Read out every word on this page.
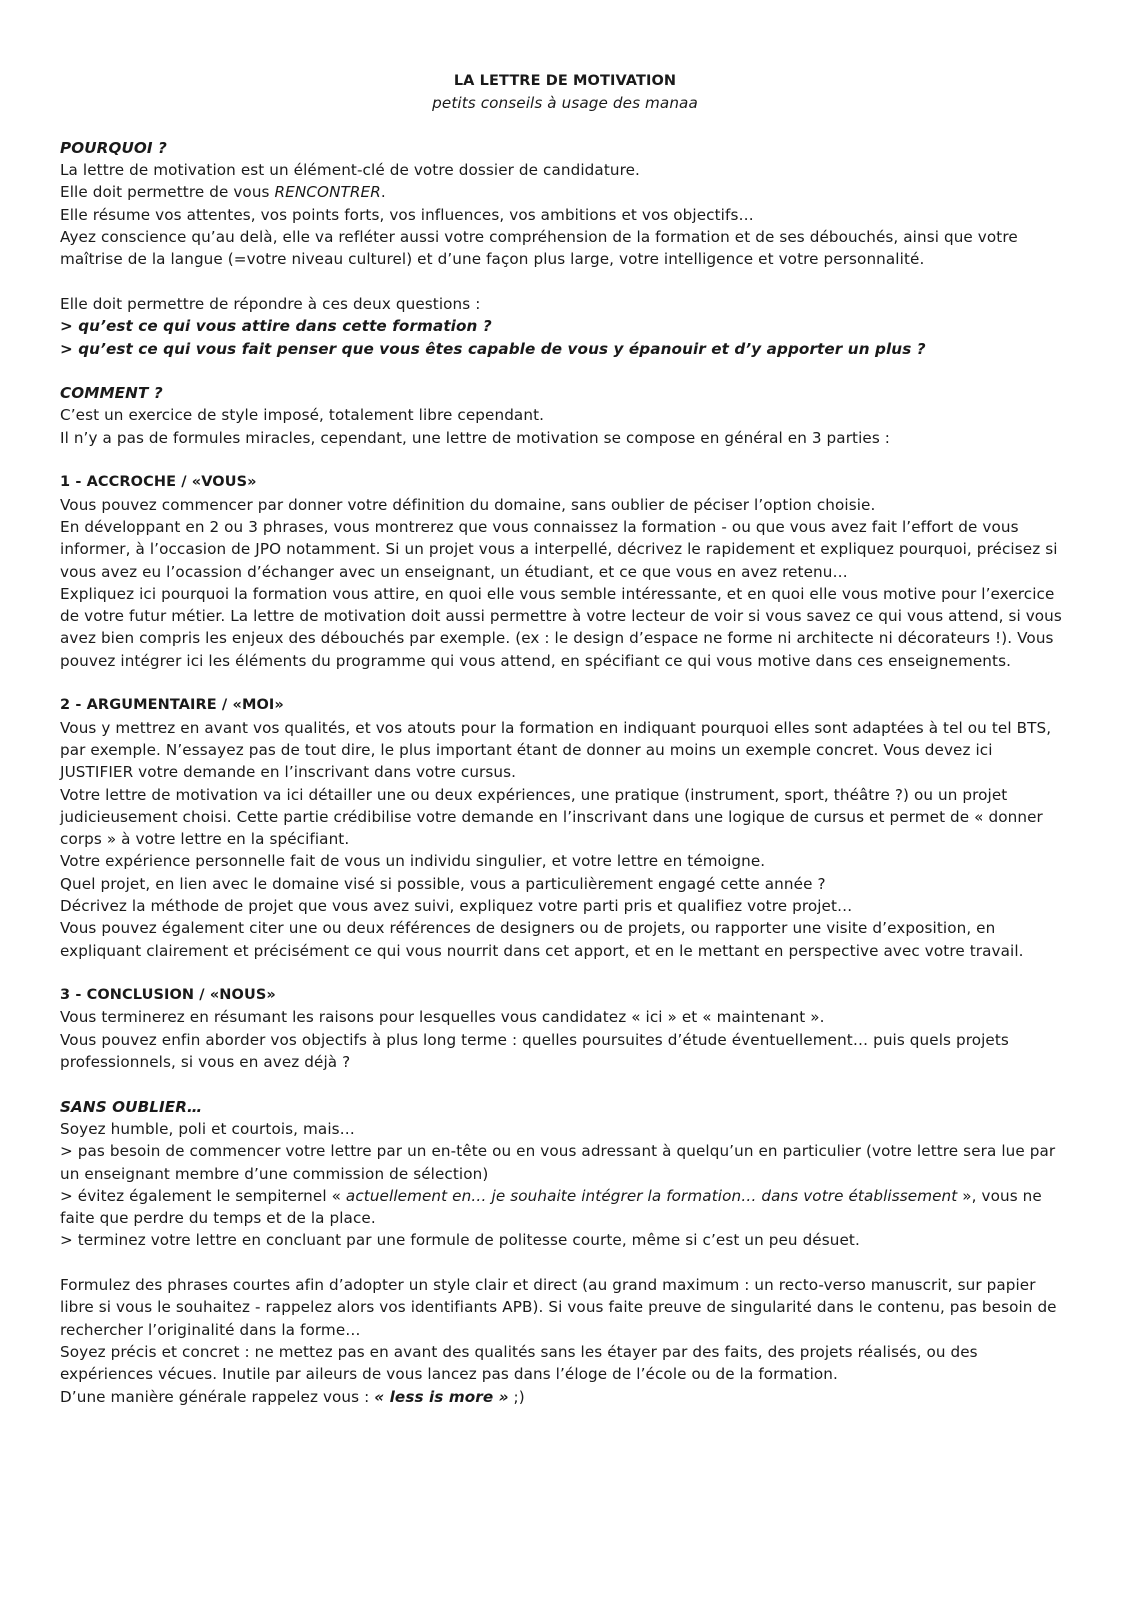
LA LETTRE DE MOTIVATION

petits conseils à usage des manaa

POURQUOI ?

La lettre de motivation est un élément-clé de votre dossier de candidature.

Elle doit permettre de vous RENCONTRER.

Elle résume vos attentes, vos points forts, vos influences, vos ambitions et vos objectifs…

Ayez conscience qu’au delà, elle va refléter aussi votre compréhension de la formation et de ses débouchés, ainsi que votre maîtrise de la langue (=votre niveau culturel) et d’une façon plus large, votre intelligence et votre personnalité.

Elle doit permettre de répondre à ces deux questions :

> qu’est ce qui vous attire dans cette formation ?

> qu’est ce qui vous fait penser que vous êtes capable de vous y épanouir et d’y apporter un plus ?

COMMENT ?

C’est un exercice de style imposé, totalement libre cependant.

Il n’y a pas de formules miracles, cependant, une lettre de motivation se compose en général en 3 parties :

1 - ACCROCHE / «VOUS»

Vous pouvez commencer par donner votre définition du domaine, sans oublier de péciser l’option choisie.

En développant en 2 ou 3 phrases, vous montrerez que vous connaissez la formation - ou que vous avez fait l’effort de vous informer, à l’occasion de JPO notamment. Si un projet vous a interpellé, décrivez le rapidement et expliquez pourquoi, précisez si vous avez eu l’ocassion d’échanger avec un enseignant, un étudiant, et ce que vous en avez retenu…

Expliquez ici pourquoi la formation vous attire, en quoi elle vous semble intéressante, et en quoi elle vous motive pour l’exercice de votre futur métier. La lettre de motivation doit aussi permettre à votre lecteur de voir si vous savez ce qui vous attend, si vous avez bien compris les enjeux des débouchés par exemple. (ex : le design d’espace ne forme ni architecte ni décorateurs !). Vous pouvez intégrer ici les éléments du programme qui vous attend, en spécifiant ce qui vous motive dans ces enseignements.

2 - ARGUMENTAIRE / «MOI»

Vous y mettrez en avant vos qualités, et vos atouts pour la formation en indiquant pourquoi elles sont adaptées à tel ou tel BTS, par exemple. N’essayez pas de tout dire, le plus important étant de donner au moins un exemple concret. Vous devez ici JUSTIFIER votre demande en l’inscrivant dans votre cursus.

Votre lettre de motivation va ici détailler une ou deux expériences, une pratique (instrument, sport, théâtre ?) ou un projet judicieusement choisi. Cette partie crédibilise votre demande en l’inscrivant dans une logique de cursus et permet de « donner corps » à votre lettre en la spécifiant.

Votre expérience personnelle fait de vous un individu singulier, et votre lettre en témoigne.

Quel projet, en lien avec le domaine visé si possible, vous a particulièrement engagé cette année ?

Décrivez la méthode de projet que vous avez suivi, expliquez votre parti pris et qualifiez votre projet…

Vous pouvez également citer une ou deux références de designers ou de projets, ou rapporter une visite d’exposition, en expliquant clairement et précisément ce qui vous nourrit dans cet apport, et en le mettant en perspective avec votre travail.

3 - CONCLUSION / «NOUS»

Vous terminerez en résumant les raisons pour lesquelles vous candidatez « ici » et « maintenant ».

Vous pouvez enfin aborder vos objectifs à plus long terme : quelles poursuites d’étude éventuellement… puis quels projets professionnels, si vous en avez déjà ?

SANS OUBLIER…

Soyez humble, poli et courtois, mais…

> pas besoin de commencer votre lettre par un en-tête ou en vous adressant à quelqu’un en particulier (votre lettre sera lue par un enseignant membre d’une commission de sélection)

> évitez également le sempiternel « actuellement en… je souhaite intégrer la formation… dans votre établissement », vous ne faite que perdre du temps et de la place.

> terminez votre lettre en concluant par une formule de politesse courte, même si c’est un peu désuet.

Formulez des phrases courtes afin d’adopter un style clair et direct (au grand maximum : un recto-verso manuscrit, sur papier libre si vous le souhaitez - rappelez alors vos identifiants APB). Si vous faite preuve de singularité dans le contenu, pas besoin de rechercher l’originalité dans la forme…

Soyez précis et concret : ne mettez pas en avant des qualités sans les étayer par des faits, des projets réalisés, ou des expériences vécues. Inutile par aileurs de vous lancez pas dans l’éloge de l’école ou de la formation.

D’une manière générale rappelez vous : « less is more » ;)
